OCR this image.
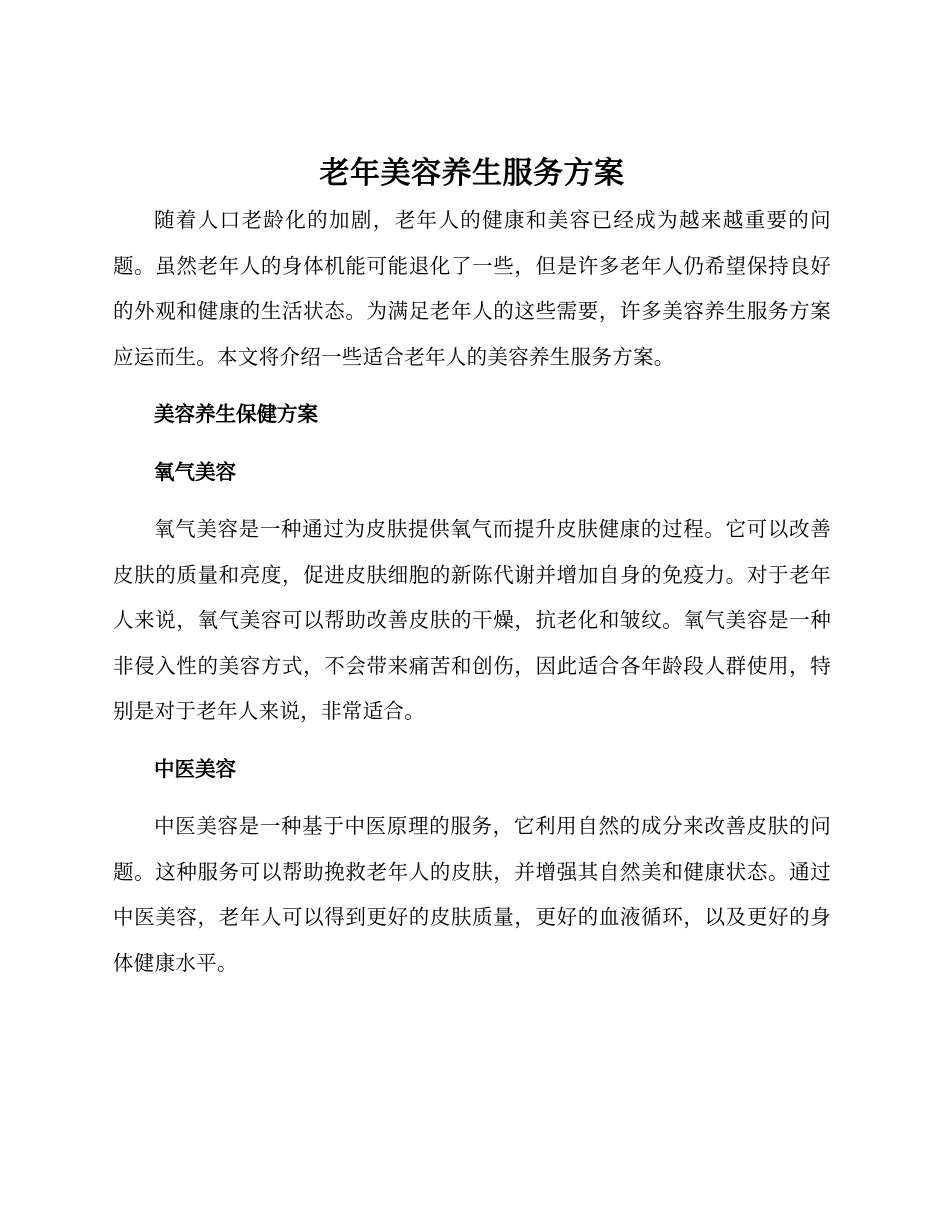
老年美容养生服务方案

随着人口老龄化的加剧，老年人的健康和美容已经成为越来越重要的问题。虽然老年人的身体机能可能退化了一些，但是许多老年人仍希望保持良好的外观和健康的生活状态。为满足老年人的这些需要，许多美容养生服务方案应运而生。本文将介绍一些适合老年人的美容养生服务方案。

美容养生保健方案
氧气美容

氧气美容是一种通过为皮肤提供氧气而提升皮肤健康的过程。它可以改善皮肤的质量和亮度，促进皮肤细胞的新陈代谢并增加自身的免疫力。对于老年人来说，氧气美容可以帮助改善皮肤的干燥，抗老化和皱纹。氧气美容是一种非侵入性的美容方式，不会带来痛苦和创伤，因此适合各年龄段人群使用，特别是对于老年人来说，非常适合。

中医美容

中医美容是一种基于中医原理的服务，它利用自然的成分来改善皮肤的问题。这种服务可以帮助挽救老年人的皮肤，并增强其自然美和健康状态。通过中医美容，老年人可以得到更好的皮肤质量，更好的血液循环，以及更好的身体健康水平。
